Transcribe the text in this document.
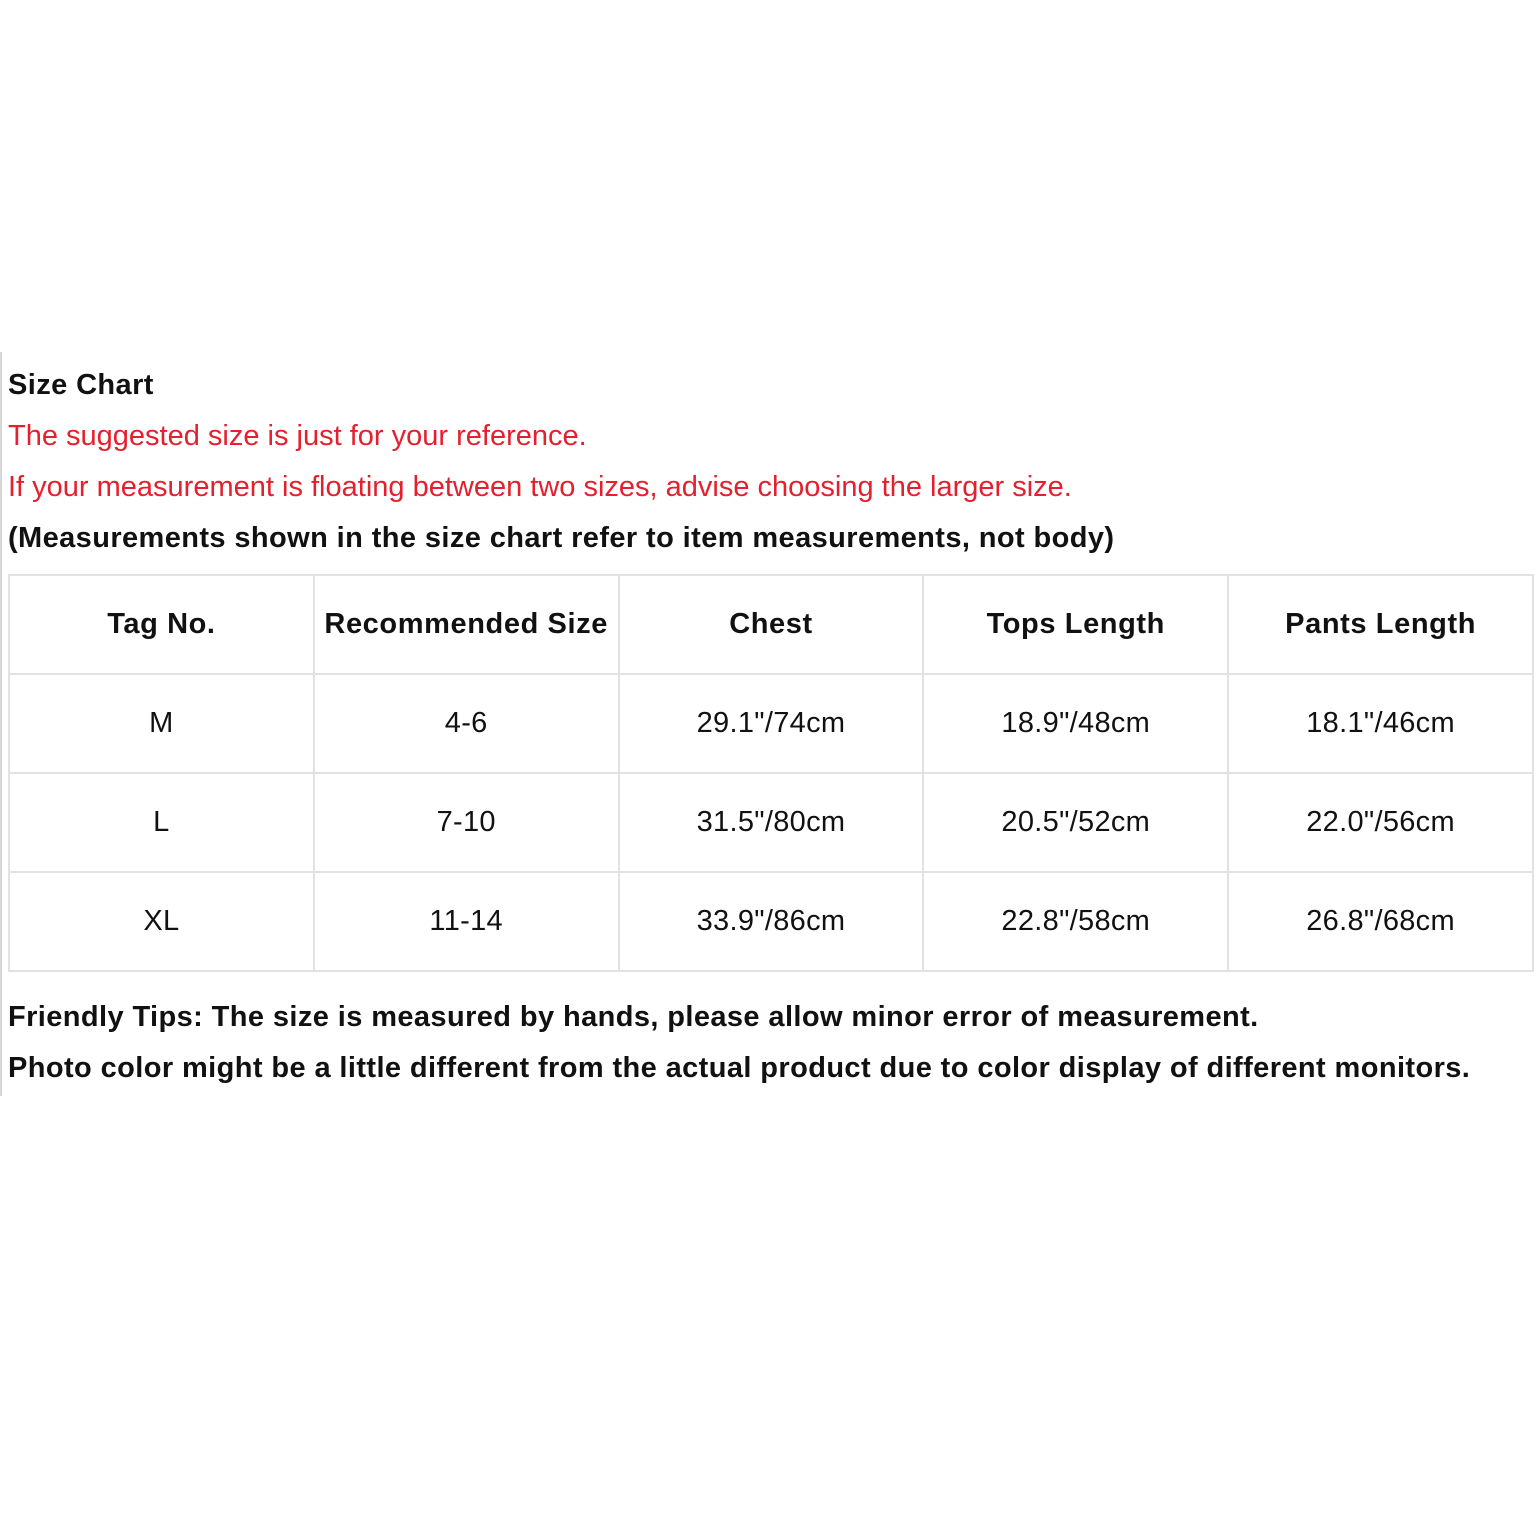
Size Chart
The suggested size is just for your reference.
If your measurement is floating between two sizes, advise choosing the larger size.
(Measurements shown in the size chart refer to item measurements, not body)
Tag No.	Recommended Size	Chest	Tops Length	Pants Length
M	4-6	29.1"/74cm	18.9"/48cm	18.1"/46cm
L	7-10	31.5"/80cm	20.5"/52cm	22.0"/56cm
XL	11-14	33.9"/86cm	22.8"/58cm	26.8"/68cm
Friendly Tips: The size is measured by hands, please allow minor error of measurement.
Photo color might be a little different from the actual product due to color display of different monitors.
